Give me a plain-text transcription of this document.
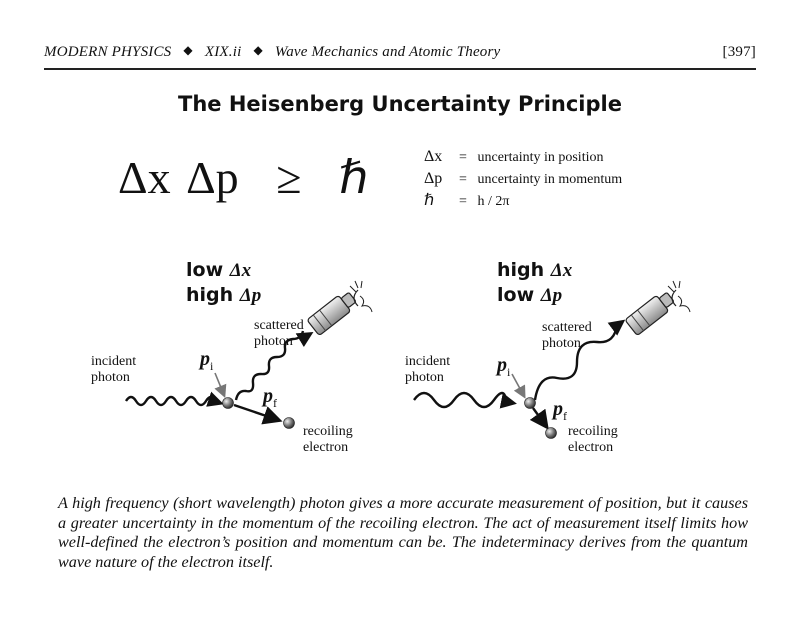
MODERN PHYSICS ◆ XIX.ii ◆ Wave Mechanics and Atomic Theory	[397]
The Heisenberg Uncertainty Principle
Δx Δp ≥ ℏ	Δx = uncertainty in position
Δp = uncertainty in momentum
ℏ = h / 2π
low Δx
high Δp
incident
photon
scattered
photon
recoiling
electron
$p_i$
$p_f$
high Δx
low Δp
incident
photon
scattered
photon
recoiling
electron
$p_i$
$p_f$
A high frequency (short wavelength) photon gives a more accurate measurement of position, but it causes a greater uncertainty in the momentum of the recoiling electron. The act of measurement itself limits how well-defined the electron’s position and momentum can be. The indeterminacy derives from the quantum wave nature of the electron itself.
